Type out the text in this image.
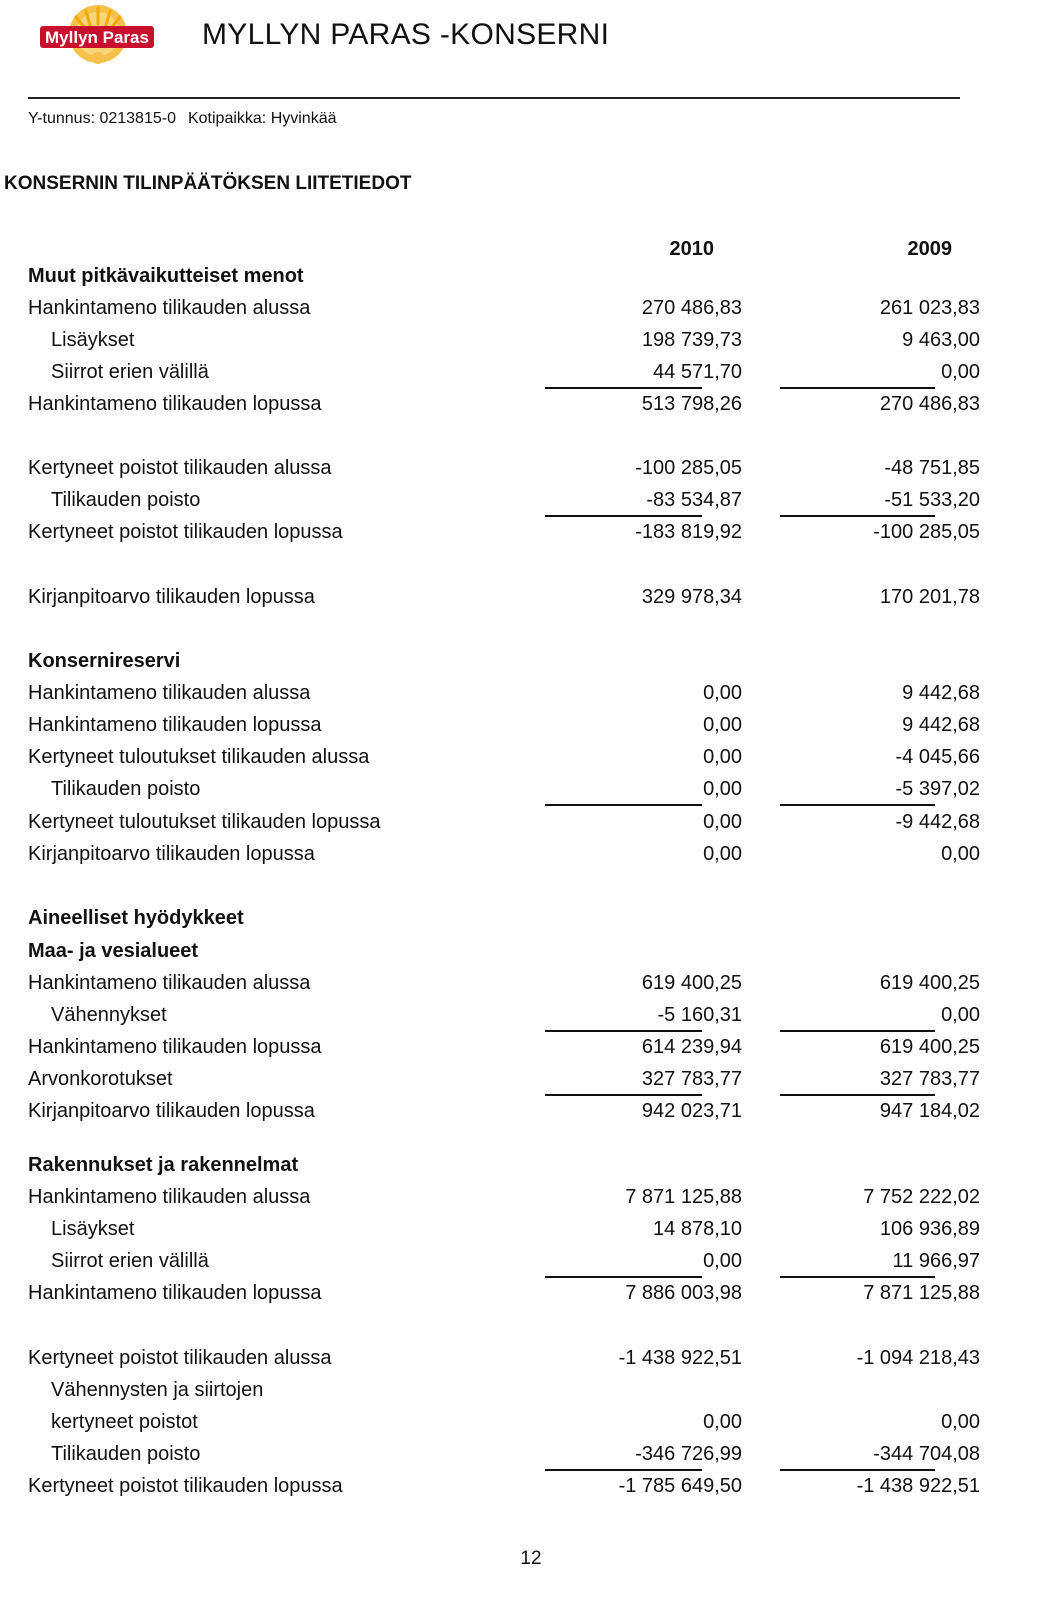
Myllyn Paras MYLLYN PARAS -KONSERNI
Y-tunnus: 0213815-0 Kotipaikka: Hyvinkää
KONSERNIN TILINPÄÄTÖKSEN LIITETIEDOT
2010	2009
Muut pitkävaikutteiset menot
Hankintameno tilikauden alussa	270 486,83	261 023,83
Lisäykset	198 739,73	9 463,00
Siirrot erien välillä	44 571,70	0,00
Hankintameno tilikauden lopussa	513 798,26	270 486,83
Kertyneet poistot tilikauden alussa	-100 285,05	-48 751,85
Tilikauden poisto	-83 534,87	-51 533,20
Kertyneet poistot tilikauden lopussa	-183 819,92	-100 285,05
Kirjanpitoarvo tilikauden lopussa	329 978,34	170 201,78
Konsernireservi
Hankintameno tilikauden alussa	0,00	9 442,68
Hankintameno tilikauden lopussa	0,00	9 442,68
Kertyneet tuloutukset tilikauden alussa	0,00	-4 045,66
Tilikauden poisto	0,00	-5 397,02
Kertyneet tuloutukset tilikauden lopussa	0,00	-9 442,68
Kirjanpitoarvo tilikauden lopussa	0,00	0,00
Aineelliset hyödykkeet
Maa- ja vesialueet
Hankintameno tilikauden alussa	619 400,25	619 400,25
Vähennykset	-5 160,31	0,00
Hankintameno tilikauden lopussa	614 239,94	619 400,25
Arvonkorotukset	327 783,77	327 783,77
Kirjanpitoarvo tilikauden lopussa	942 023,71	947 184,02
Rakennukset ja rakennelmat
Hankintameno tilikauden alussa	7 871 125,88	7 752 222,02
Lisäykset	14 878,10	106 936,89
Siirrot erien välillä	0,00	11 966,97
Hankintameno tilikauden lopussa	7 886 003,98	7 871 125,88
Kertyneet poistot tilikauden alussa	-1 438 922,51	-1 094 218,43
Vähennysten ja siirtojen
kertyneet poistot	0,00	0,00
Tilikauden poisto	-346 726,99	-344 704,08
Kertyneet poistot tilikauden lopussa	-1 785 649,50	-1 438 922,51
12
